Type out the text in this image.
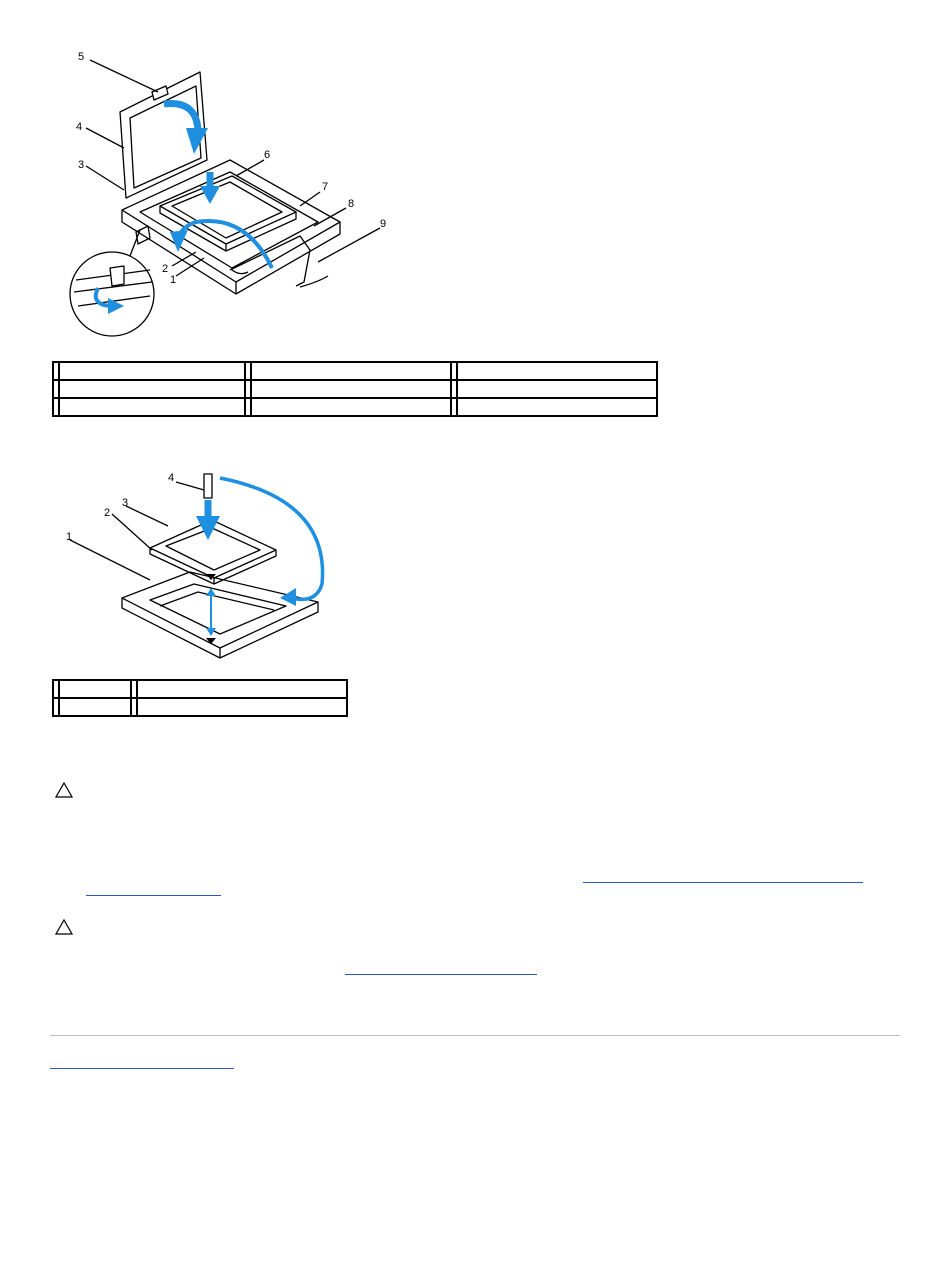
5
4
3
6
7
8
9
2
1

1
2
3
4
